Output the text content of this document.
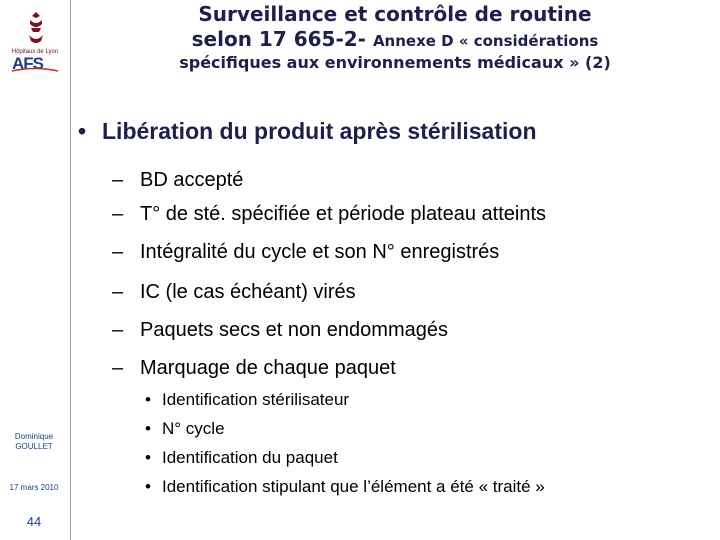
Hôpitaux de Lyon
AFS
Surveillance et contrôle de routine
selon 17 665-2- Annexe D « considérations
spécifiques aux environnements médicaux » (2)
• Libération du produit après stérilisation
– BD accepté
– T° de sté. spécifiée et période plateau atteints
– Intégralité du cycle et son N° enregistrés
– IC (le cas échéant) virés
– Paquets secs et non endommagés
– Marquage de chaque paquet
• Identification stérilisateur
• N° cycle
• Identification du paquet
• Identification stipulant que l’élément a été « traité »
Dominique
GOULLET
17 mars 2010
44
